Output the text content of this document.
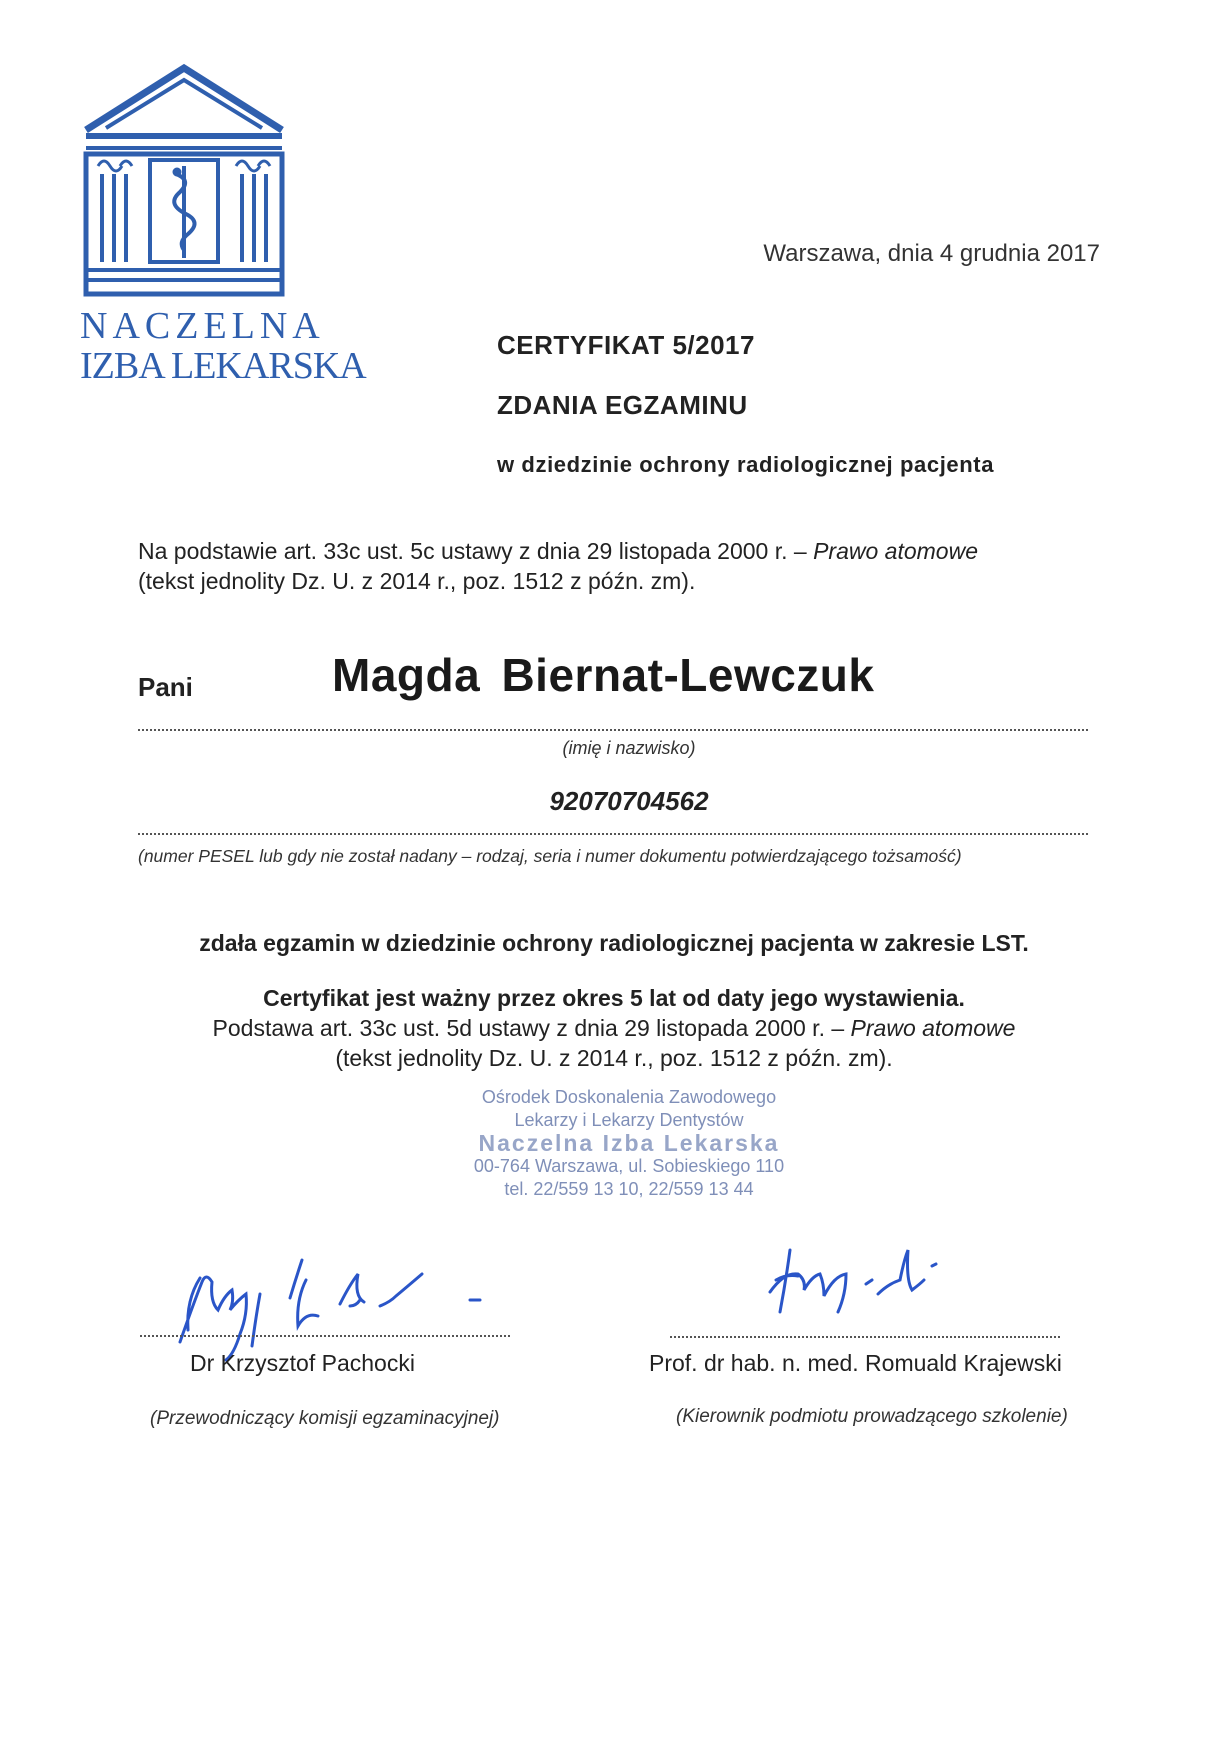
NACZELNA
IZBA LEKARSKA
Warszawa, dnia 4 grudnia 2017
CERTYFIKAT 5/2017
ZDANIA EGZAMINU
w dziedzinie ochrony radiologicznej pacjenta
Na podstawie art. 33c ust. 5c ustawy z dnia 29 listopada 2000 r. – Prawo atomowe
(tekst jednolity Dz. U. z 2014 r., poz. 1512 z późn. zm).
Pani	Magda Biernat-Lewczuk
(imię i nazwisko)
92070704562
(numer PESEL lub gdy nie został nadany – rodzaj, seria i numer dokumentu potwierdzającego tożsamość)
zdała egzamin w dziedzinie ochrony radiologicznej pacjenta w zakresie LST.
Certyfikat jest ważny przez okres 5 lat od daty jego wystawienia.
Podstawa art. 33c ust. 5d ustawy z dnia 29 listopada 2000 r. – Prawo atomowe
(tekst jednolity Dz. U. z 2014 r., poz. 1512 z późn. zm).
Ośrodek Doskonalenia Zawodowego
Lekarzy i Lekarzy Dentystów
Naczelna Izba Lekarska
00-764 Warszawa, ul. Sobieskiego 110
tel. 22/559 13 10, 22/559 13 44
Dr Krzysztof Pachocki
(Przewodniczący komisji egzaminacyjnej)
Prof. dr hab. n. med. Romuald Krajewski
(Kierownik podmiotu prowadzącego szkolenie)
